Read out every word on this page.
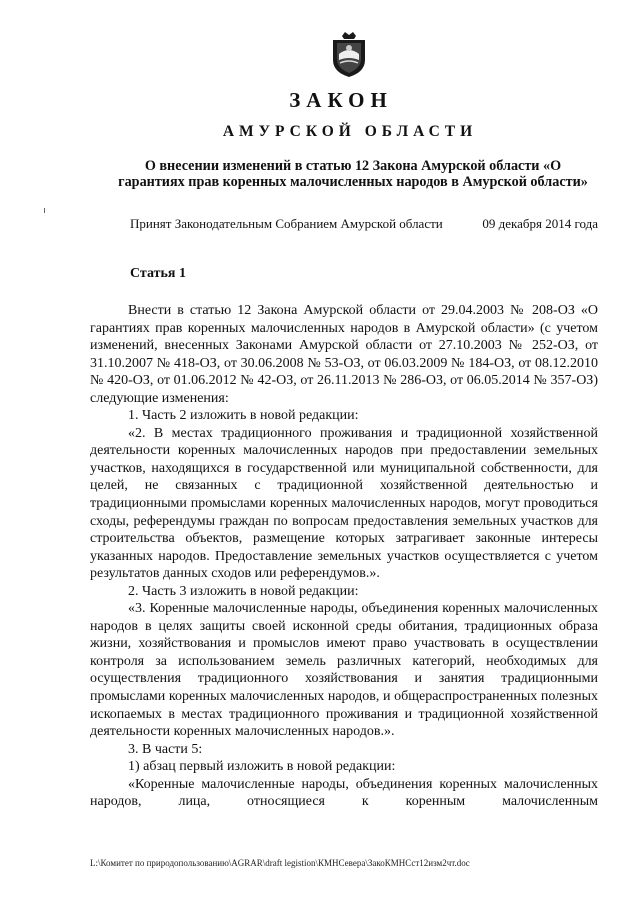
ЗАКОН
АМУРСКОЙ ОБЛАСТИ
О внесении изменений в статью 12 Закона Амурской области «О
гарантиях прав коренных малочисленных народов в Амурской области»
Принят Законодательным Собранием Амурской области	09 декабря 2014 года
Статья 1

Внести в статью 12 Закона Амурской области от 29.04.2003 № 208-ОЗ «О гарантиях прав коренных малочисленных народов в Амурской области» (с учетом изменений, внесенных Законами Амурской области от 27.10.2003 № 252-ОЗ, от 31.10.2007 № 418-ОЗ, от 30.06.2008 № 53-ОЗ, от 06.03.2009 № 184-ОЗ, от 08.12.2010 № 420-ОЗ, от 01.06.2012 № 42-ОЗ, от 26.11.2013 № 286-ОЗ, от 06.05.2014 № 357-ОЗ) следующие изменения:

1. Часть 2 изложить в новой редакции:

«2. В местах традиционного проживания и традиционной хозяйственной деятельности коренных малочисленных народов при предоставлении земельных участков, находящихся в государственной или муниципальной собственности, для целей, не связанных с традиционной хозяйственной деятельностью и традиционными промыслами коренных малочисленных народов, могут проводиться сходы, референдумы граждан по вопросам предоставления земельных участков для строительства объектов, размещение которых затрагивает законные интересы указанных народов. Предоставление земельных участков осуществляется с учетом результатов данных сходов или референдумов.».

2. Часть 3 изложить в новой редакции:

«3. Коренные малочисленные народы, объединения коренных малочисленных народов в целях защиты своей исконной среды обитания, традиционных образа жизни, хозяйствования и промыслов имеют право участвовать в осуществлении контроля за использованием земель различных категорий, необходимых для осуществления традиционного хозяйствования и занятия традиционными промыслами коренных малочисленных народов, и общераспространенных полезных ископаемых в местах традиционного проживания и традиционной хозяйственной деятельности коренных малочисленных народов.».

3. В части 5:

1) абзац первый изложить в новой редакции:

«Коренные малочисленные народы, объединения коренных малочисленных народов, лица, относящиеся к коренным малочисленным

L:\Комитет по природопользованию\AGRAR\draft legistion\КМНСевера\ЗакоКМНСст12изм2чт.doc
